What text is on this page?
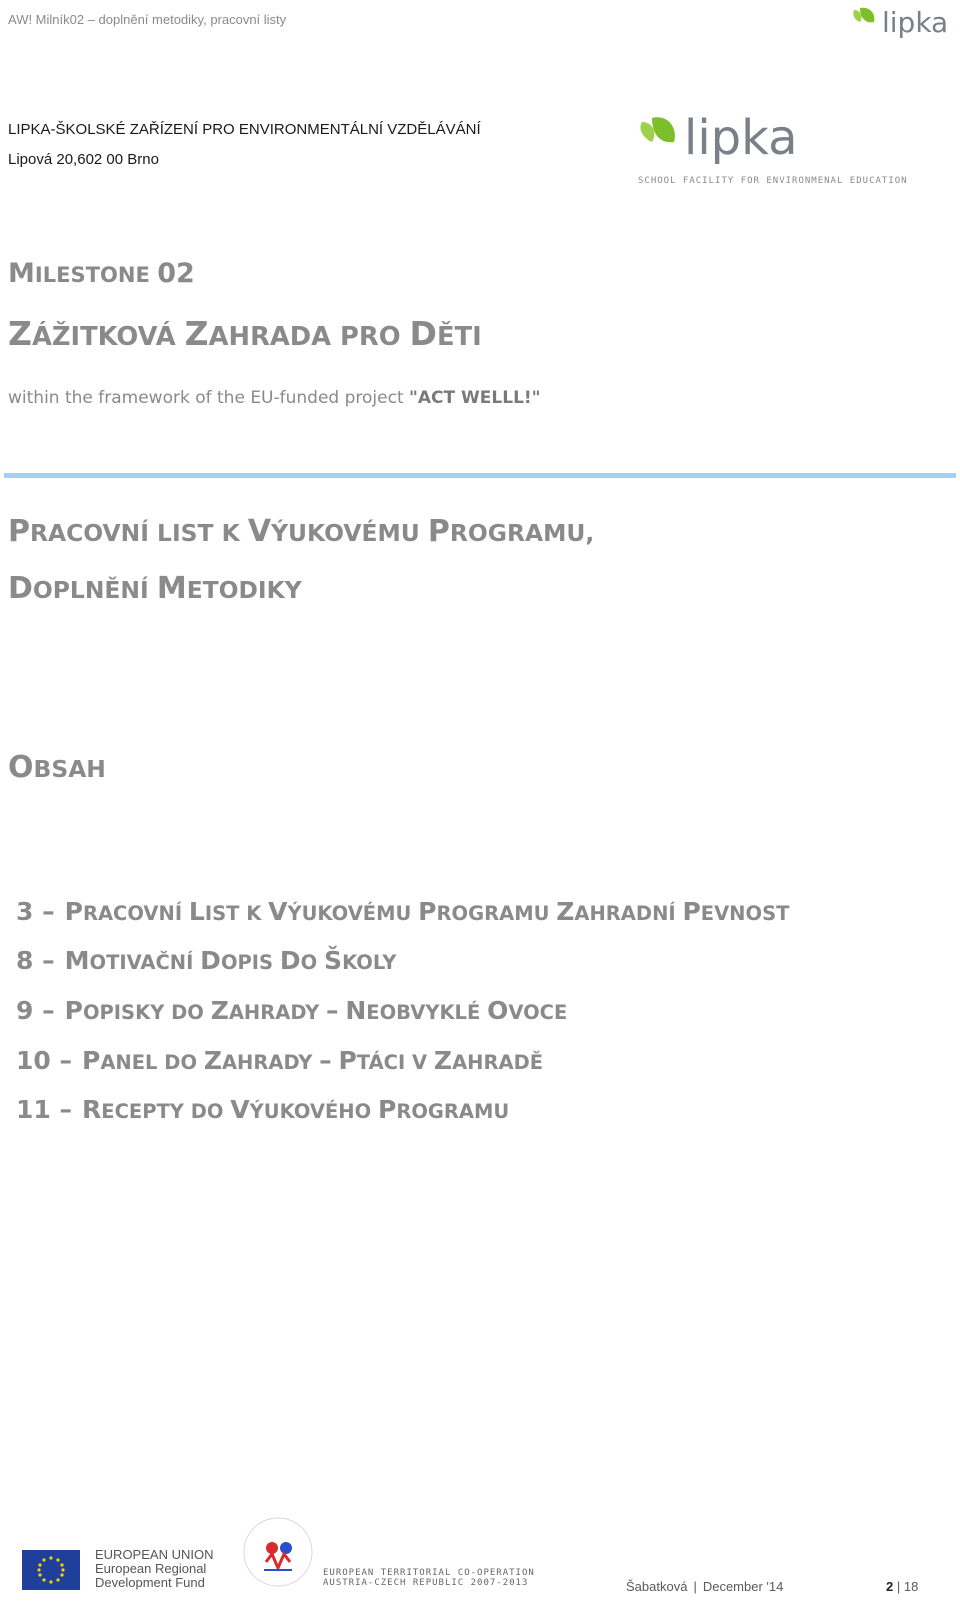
AW! Milník02 – doplnění metodiky, pracovní listy	lipka
LIPKA-ŠKOLSKÉ ZAŘÍZENÍ PRO ENVIRONMENTÁLNÍ VZDĚLÁVÁNÍ
Lipová 20,602 00 Brno	lipka
SCHOOL FACILITY FOR ENVIRONMENAL EDUCATION
MILESTONE 02
ZÁŽITKOVÁ ZAHRADA PRO DĚTI
within the framework of the EU-funded project "ACT WELLL!"
PRACOVNÍ LIST K VÝUKOVÉMU PROGRAMU,
DOPLNĚNÍ METODIKY
OBSAH
3 – PRACOVNÍ LIST K VÝUKOVÉMU PROGRAMU ZAHRADNÍ PEVNOST
8 – MOTIVAČNÍ DOPIS DO ŠKOLY
9 – POPISKY DO ZAHRADY – NEOBVYKLÉ OVOCE
10 – PANEL DO ZAHRADY – PTÁCI V ZAHRADĚ
11 – RECEPTY DO VÝUKOVÉHO PROGRAMU
EUROPEAN UNION
European Regional
Development Fund
EUROPEAN TERRITORIAL CO-OPERATION
AUSTRIA-CZECH REPUBLIC 2007-2013	Šabatková | December '14	2 | 18
